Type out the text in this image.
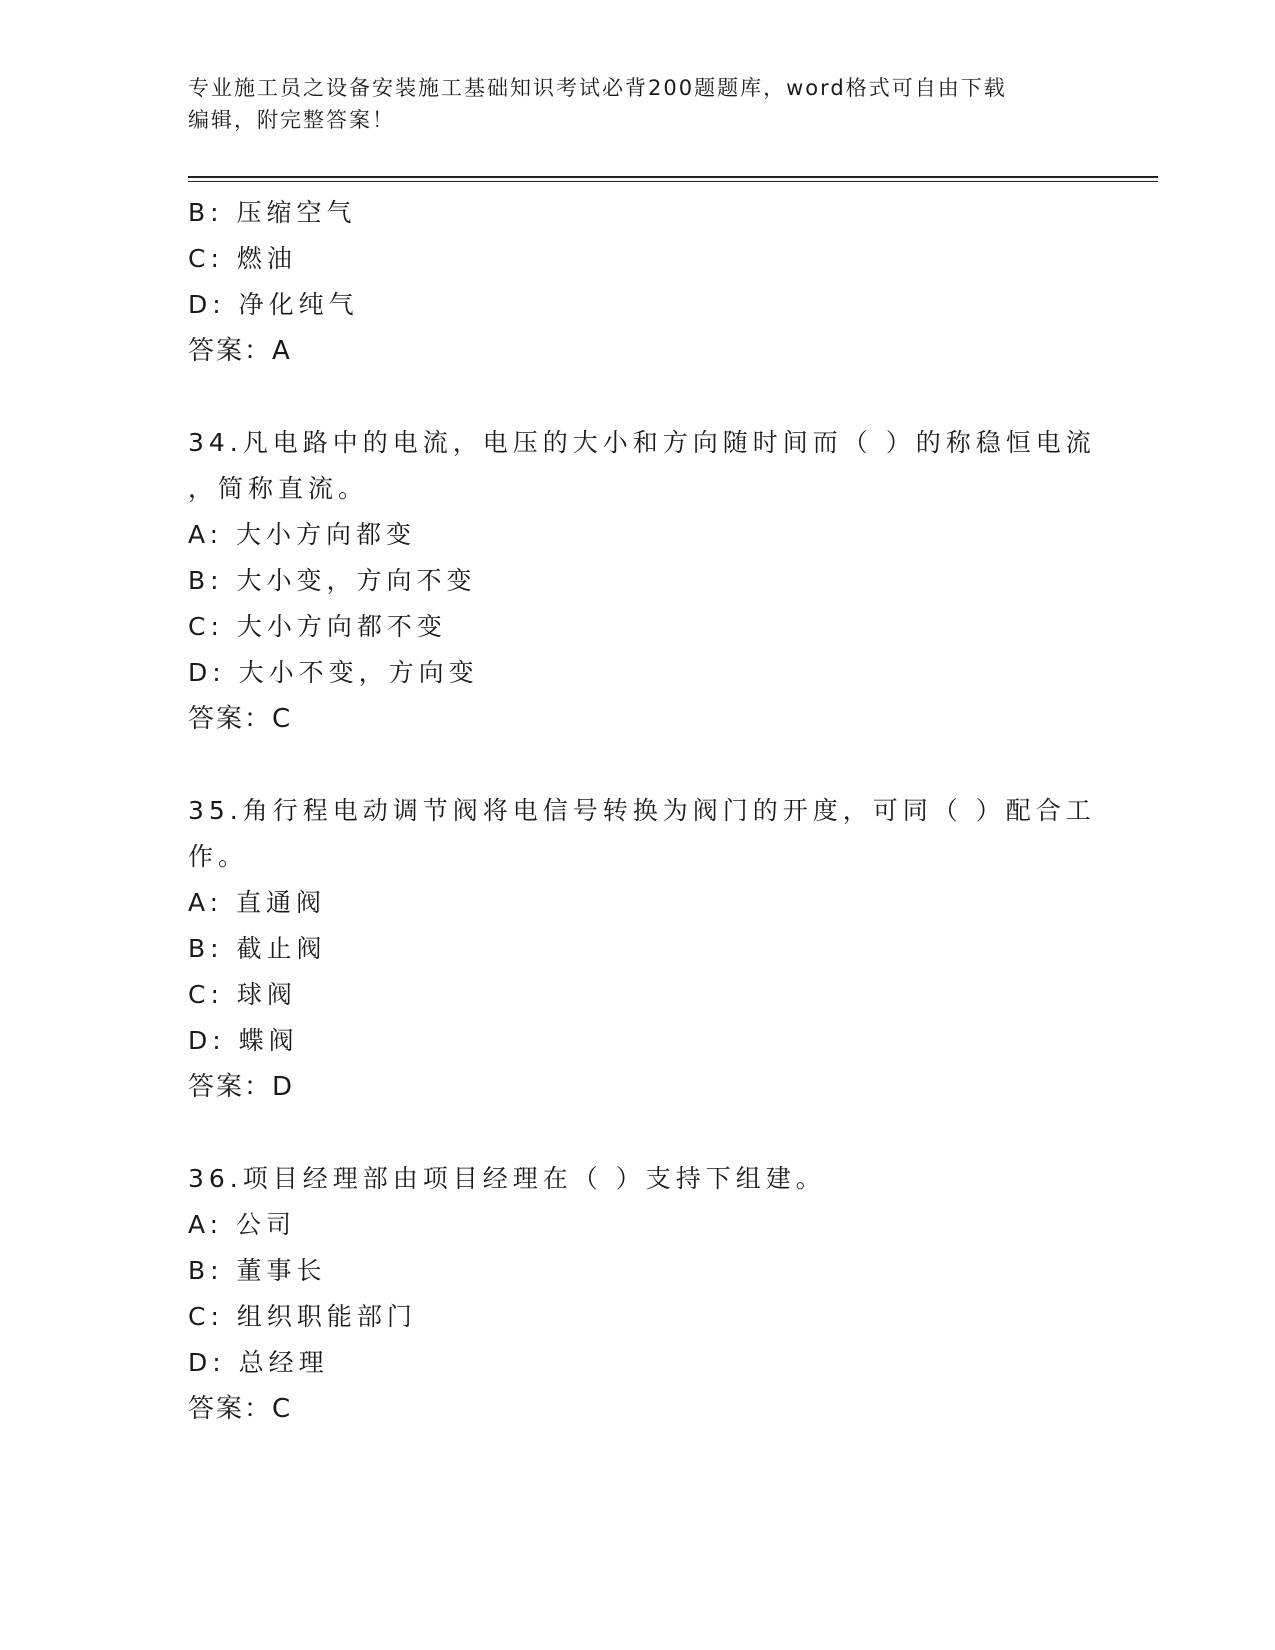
专业施工员之设备安装施工基础知识考试必背200题题库，word格式可自由下载
编辑，附完整答案！
B: 压缩空气
C: 燃油
D: 净化纯气
答案：A
34.凡电路中的电流，电压的大小和方向随时间而（ ）的称稳恒电流
，简称直流。
A: 大小方向都变
B: 大小变，方向不变
C: 大小方向都不变
D: 大小不变，方向变
答案：C
35.角行程电动调节阀将电信号转换为阀门的开度，可同（ ）配合工
作。
A: 直通阀
B: 截止阀
C: 球阀
D: 蝶阀
答案：D
36.项目经理部由项目经理在（ ）支持下组建。
A: 公司
B: 董事长
C: 组织职能部门
D: 总经理
答案：C
